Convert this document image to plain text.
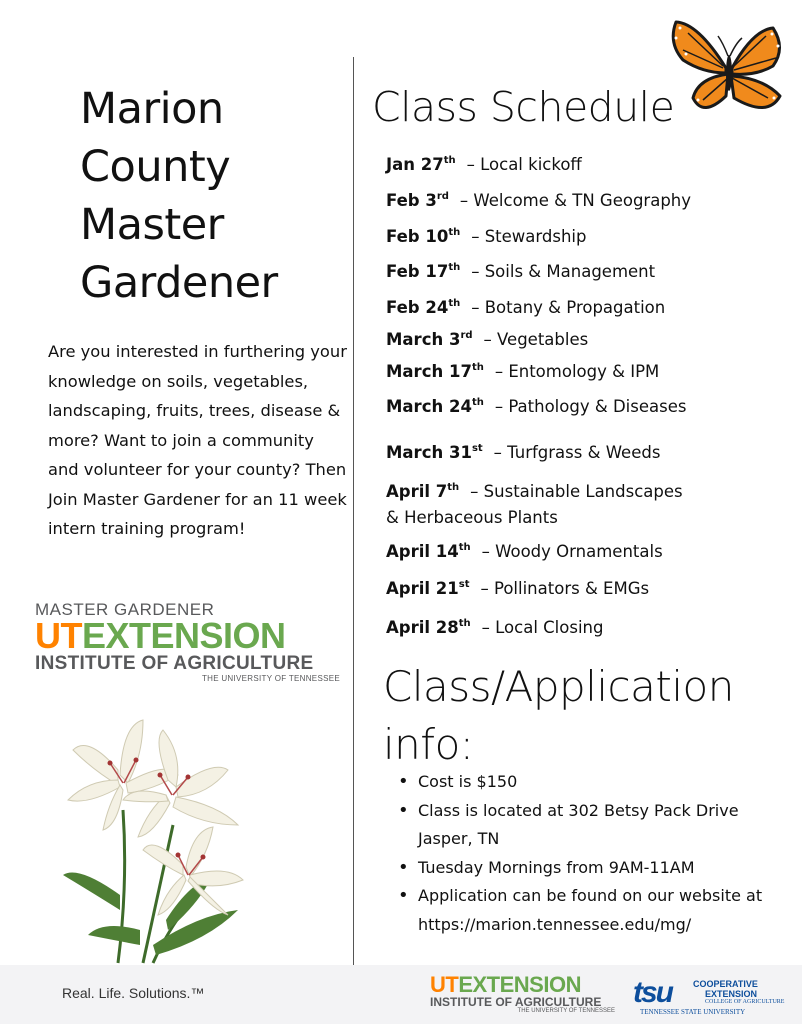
Marion
County
Master
Gardener

Are you interested in furthering your knowledge on soils, vegetables, landscaping, fruits, trees, disease & more? Want to join a community and volunteer for your county? Then Join Master Gardener for an 11 week intern training program!

MASTER GARDENER
UTEXTENSION
INSTITUTE OF AGRICULTURE
THE UNIVERSITY OF TENNESSEE
Real. Life. Solutions.™
Class Schedule
Jan 27th  – Local kickoff
Feb 3rd  – Welcome & TN Geography
Feb 10th  – Stewardship
Feb 17th  – Soils & Management
Feb 24th  – Botany & Propagation
March 3rd  – Vegetables
March 17th  – Entomology & IPM
March 24th  – Pathology & Diseases
March 31st  – Turfgrass & Weeds
April 7th  – Sustainable Landscapes
& Herbaceous Plants
April 14th  – Woody Ornamentals
April 21st  – Pollinators & EMGs
April 28th  – Local Closing
Class/Application
info:
• Cost is $150
• Class is located at 302 Betsy Pack Drive Jasper, TN
• Tuesday Mornings from 9AM-11AM
• Application can be found on our website at https://marion.tennessee.edu/mg/
UTEXTENSION
INSTITUTE OF AGRICULTURE
THE UNIVERSITY OF TENNESSEE
tsu COOPERATIVE
EXTENSION
COLLEGE OF AGRICULTURE
TENNESSEE STATE UNIVERSITY
